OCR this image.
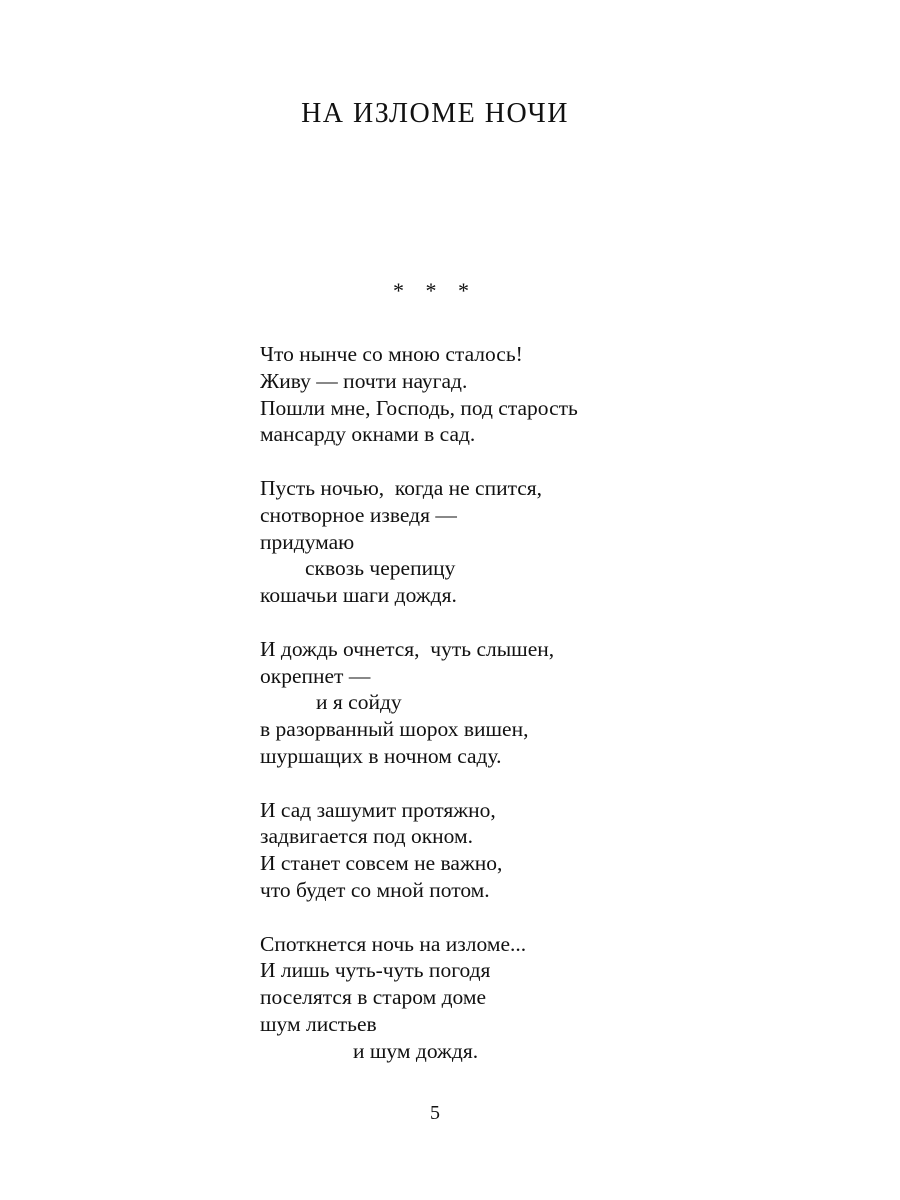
НА ИЗЛОМЕ НОЧИ
* * *
Что нынче со мною сталось!
Живу — почти наугад.
Пошли мне, Господь, под старость
мансарду окнами в сад.
Пусть ночью,  когда не спится,
снотворное изведя —
придумаю
сквозь черепицу
кошачьи шаги дождя.
И дождь очнется,  чуть слышен,
окрепнет —
и я сойду
в разорванный шорох вишен,
шуршащих в ночном саду.
И сад зашумит протяжно,
задвигается под окном.
И станет совсем не важно,
что будет со мной потом.
Споткнется ночь на изломе...
И лишь чуть-чуть погодя
поселятся в старом доме
шум листьев
и шум дождя.
5
